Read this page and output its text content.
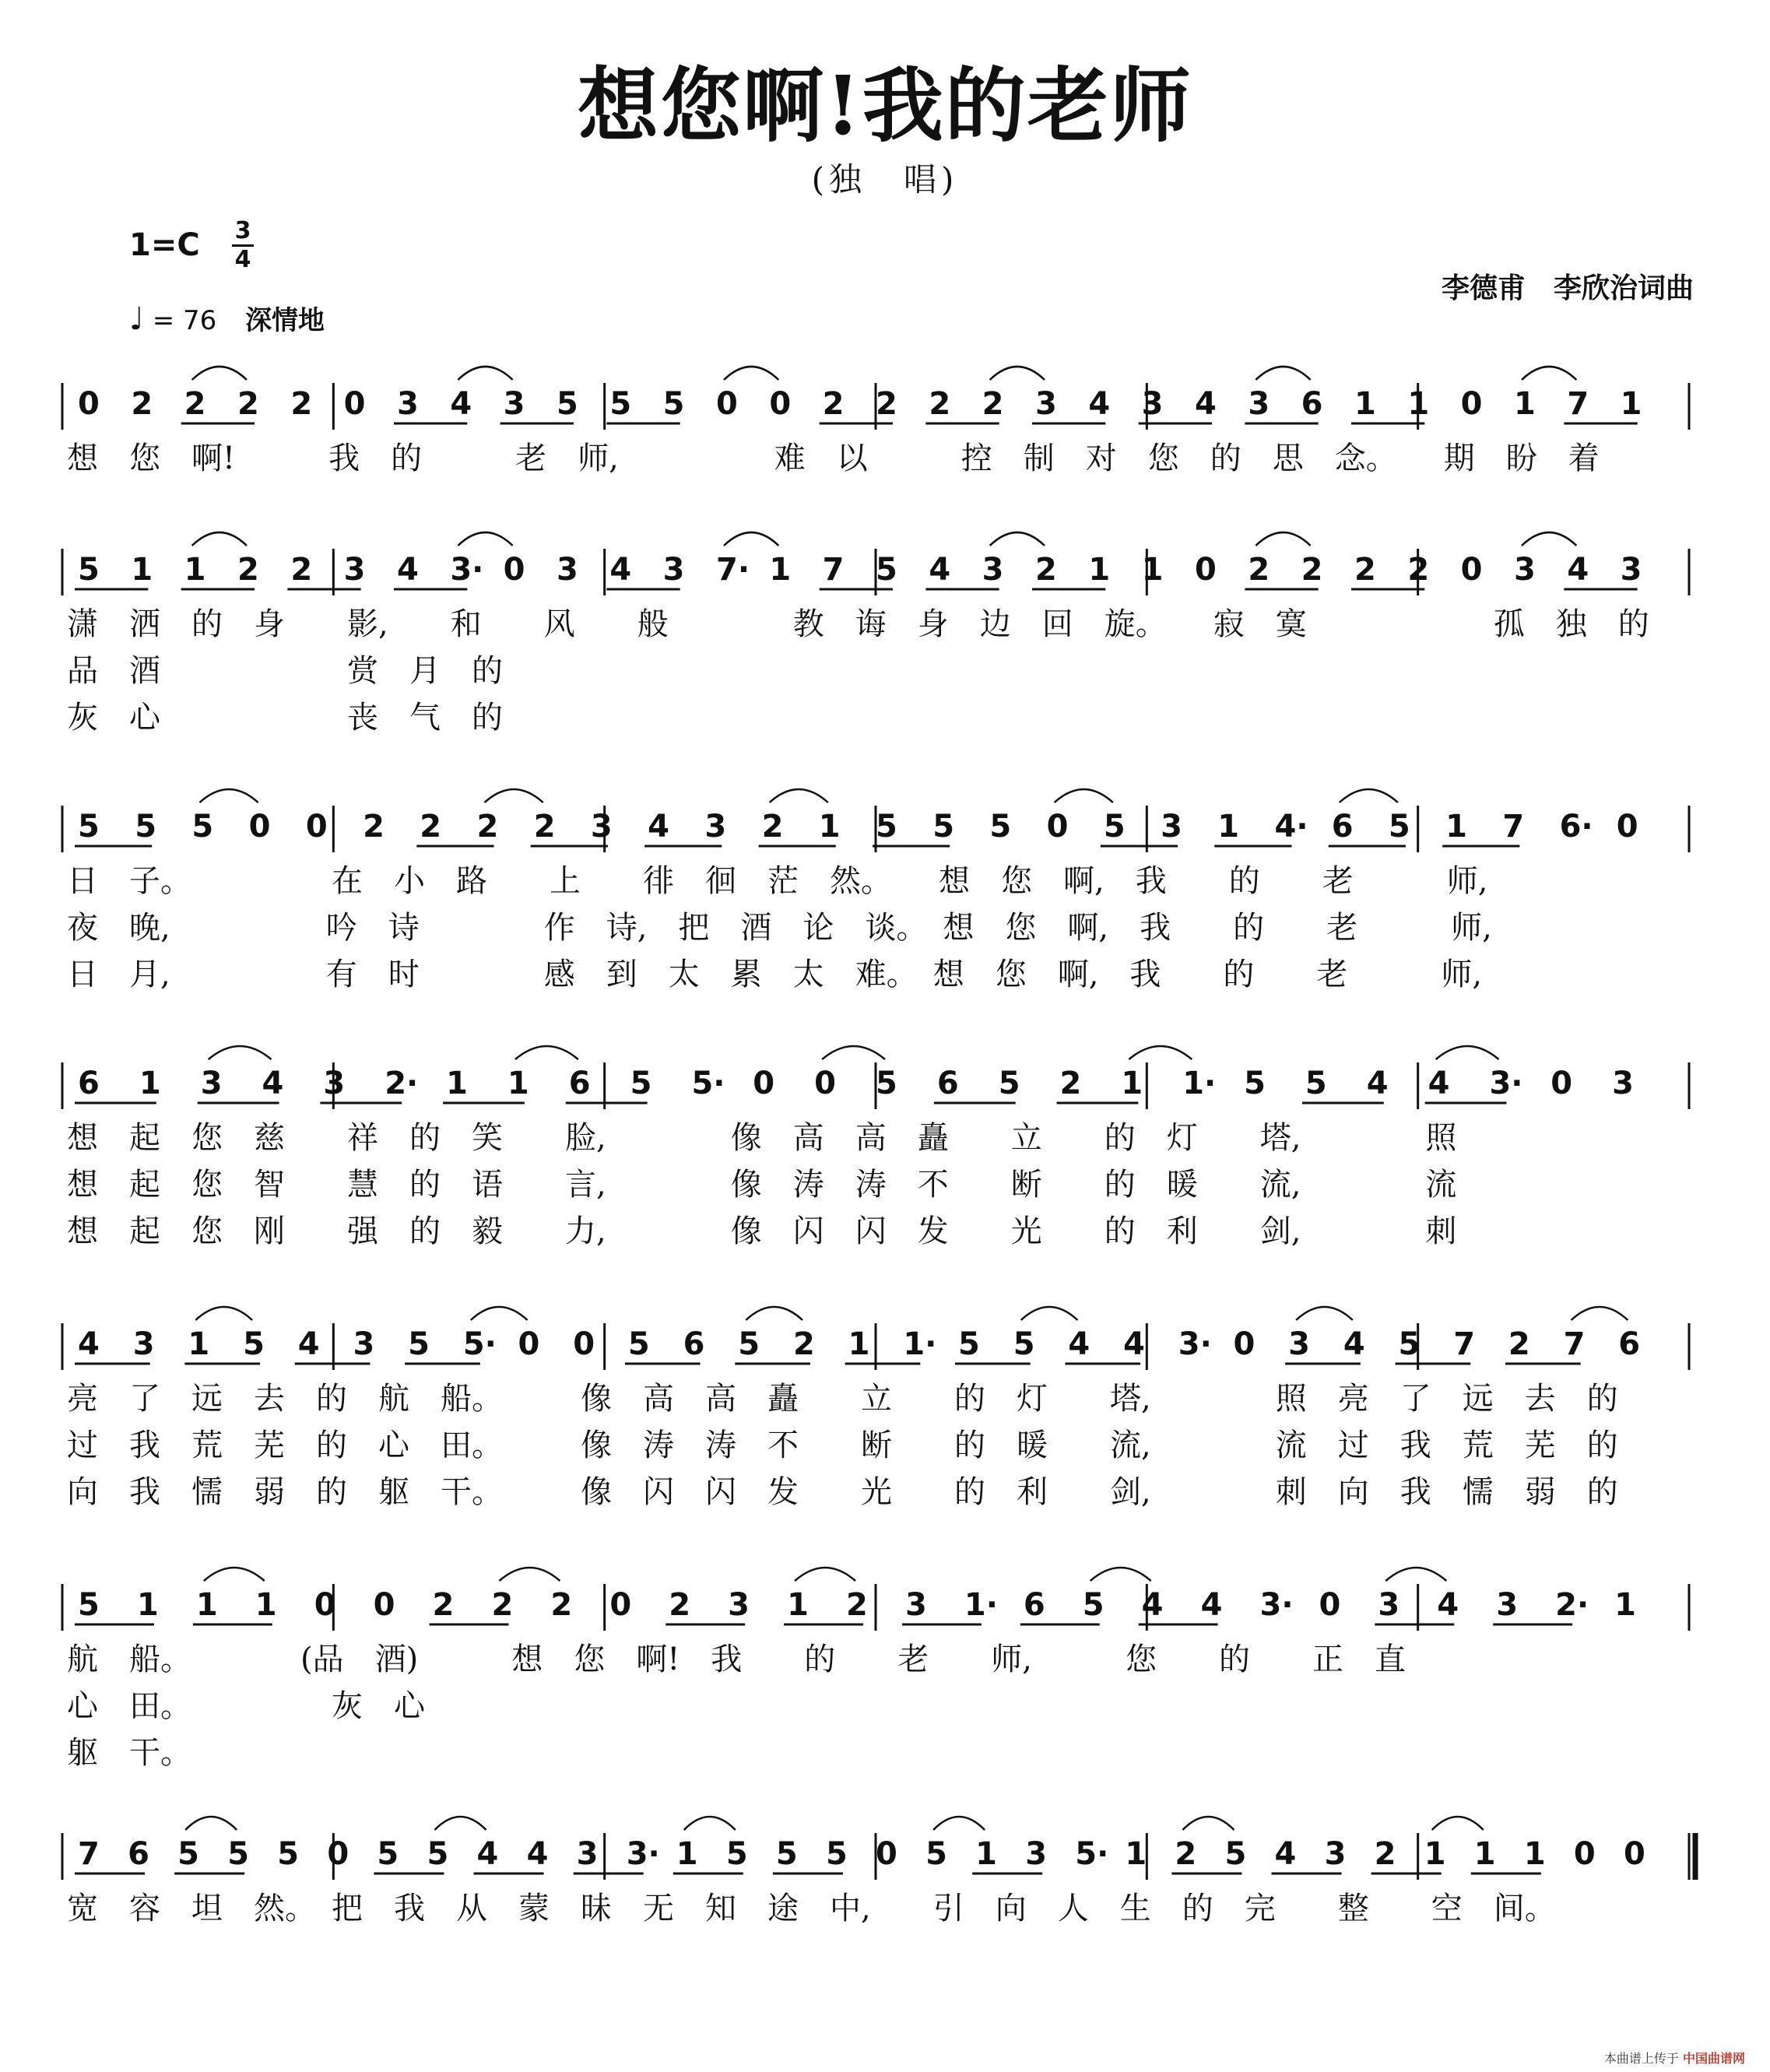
想您啊!我的老师
(独　唱)
1=C	3
4
♩ = 76 深情地
李德甫　李欣治词曲
0 2 2 2 2 0 3 4 3 5 5 5 0 0 2 2 2 2 3 4 3 4 3 6 1 1 0 1 7 1
想　您　啊!　　　我　的　　　老　师,　　　　　难　以　　　控　制　对　您　的　思　念。　　期　盼　着
5 1 1 2 2 3 4 3· 0 3 4 3 7· 1 7 5 4 3 2 1 1 0 2 2 2 2 0 3 4 3
潇　洒　的　身　　影,　　和　　风　　般　　　　教　诲　身　边　回　旋。　　寂　寞　　　　　　孤　独　的
品　酒　　　　　　赏　月　的
灰　心　　　　　　丧　气　的
5 5 5 0 0 2 2 2 2 3 4 3 2 1 5 5 5 0 5 3 1 4· 6 5 1 7 6· 0
日　子。　　　　　在　小　路　　上　　徘　徊　茫　然。　　想　您　啊,　我　　的　　老　　　师,
夜　晚,　　　　　吟　诗　　　　作　诗,　把　酒　论　谈。　想　您　啊,　我　　的　　老　　　师,
日　月,　　　　　有　时　　　　感　到　太　累　太　难。　想　您　啊,　我　　的　　老　　　师,
6 1 3 4 3 2· 1 1 6 5 5· 0 0 5 6 5 2 1 1· 5 5 4 4 3· 0 3
想　起　您　慈　　祥　的　笑　　脸,　　　　像　高　高　矗　　立　　的　灯　　塔,　　　　照
想　起　您　智　　慧　的　语　　言,　　　　像　涛　涛　不　　断　　的　暖　　流,　　　　流
想　起　您　刚　　强　的　毅　　力,　　　　像　闪　闪　发　　光　　的　利　　剑,　　　　刺
4 3 1 5 4 3 5 5· 0 0 5 6 5 2 1 1· 5 5 4 4 3· 0 3 4 5 7 2 7 6
亮　了　远　去　的　航　船。　　　像　高　高　矗　　立　　的　灯　　塔,　　　　照　亮　了　远　去　的
过　我　荒　芜　的　心　田。　　　像　涛　涛　不　　断　　的　暖　　流,　　　　流　过　我　荒　芜　的
向　我　懦　弱　的　躯　干。　　　像　闪　闪　发　　光　　的　利　　剑,　　　　刺　向　我　懦　弱　的
5 1 1 1 0 0 2 2 2 0 2 3 1 2 3 1· 6 5 4 4 3· 0 3 4 3 2· 1
航　船。　　　　(品　酒)　　　想　您　啊!　我　　的　　老　　师,　　　您　　的　　正　直
心　田。　　　　　灰　心
躯　干。
7 6 5 5 5 0 5 5 4 4 3 3· 1 5 5 5 0 5 1 3 5· 1 2 5 4 3 2 1 1 1 0 0
宽　容　坦　然。　把　我　从　蒙　昧　无　知　途　中,　　引　向　人　生　的　完　　整　　空　间。
本曲谱上传于 中国曲谱网
